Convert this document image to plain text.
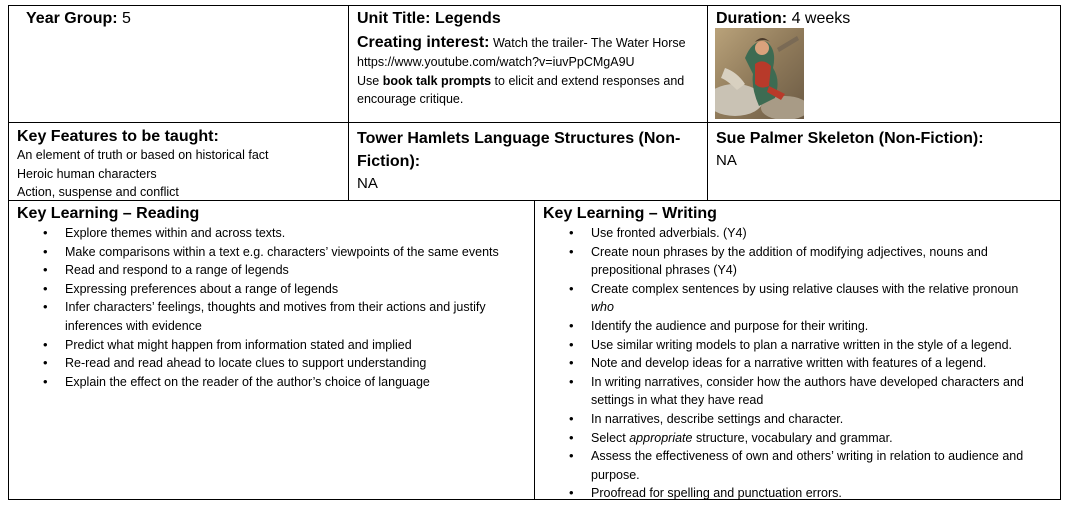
Year Group: 5	Unit Title: Legends
Creating interest: Watch the trailer- The Water Horse
https://www.youtube.com/watch?v=iuvPpCMgA9U
Use book talk prompts to elicit and extend responses and encourage critique.
Duration: 4 weeks
Key Features to be taught:
An element of truth or based on historical fact
Heroic human characters
Action, suspense and conflict
Tower Hamlets Language Structures (Non-Fiction):
NA
Sue Palmer Skeleton (Non-Fiction):
NA
Key Learning – Reading
• Explore themes within and across texts.
• Make comparisons within a text e.g. characters’ viewpoints of the same events
• Read and respond to a range of legends
• Expressing preferences about a range of legends
• Infer characters’ feelings, thoughts and motives from their actions and justify inferences with evidence
• Predict what might happen from information stated and implied
• Re-read and read ahead to locate clues to support understanding
• Explain the effect on the reader of the author’s choice of language
Key Learning – Writing
• Use fronted adverbials. (Y4)
• Create noun phrases by the addition of modifying adjectives, nouns and prepositional phrases (Y4)
• Create complex sentences by using relative clauses with the relative pronoun
who
• Identify the audience and purpose for their writing.
• Use similar writing models to plan a narrative written in the style of a legend.
• Note and develop ideas for a narrative written with features of a legend.
• In writing narratives, consider how the authors have developed characters and settings in what they have read
• In narratives, describe settings and character.
• Select appropriate structure, vocabulary and grammar.
• Assess the effectiveness of own and others’ writing in relation to audience and purpose.
• Proofread for spelling and punctuation errors.
